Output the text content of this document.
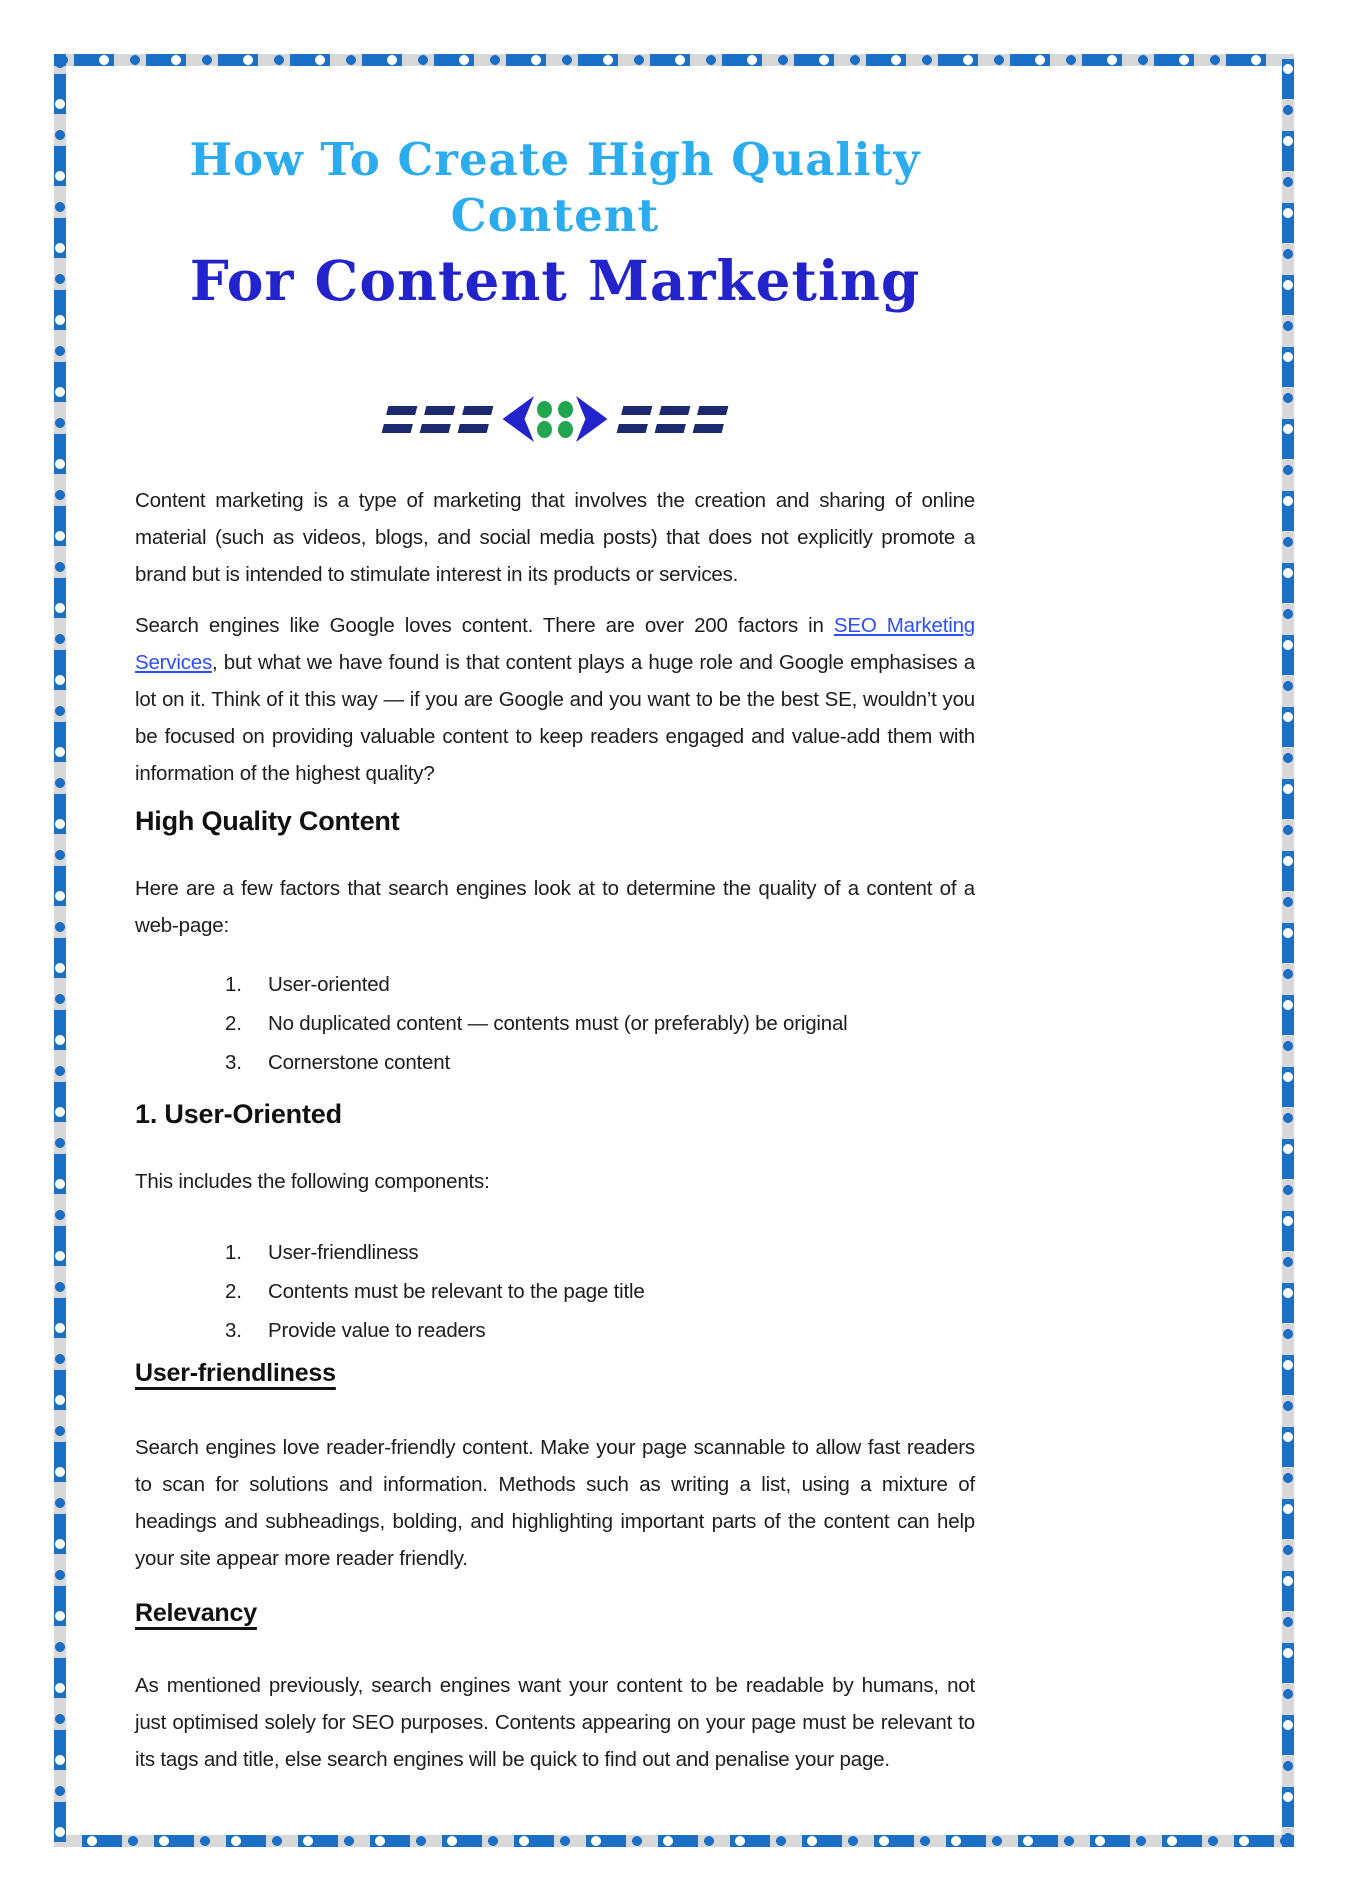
How To Create High Quality Content
For Content Marketing

Content marketing is a type of marketing that involves the creation and sharing of online material (such as videos, blogs, and social media posts) that does not explicitly promote a brand but is intended to stimulate interest in its products or services.

Search engines like Google loves content. There are over 200 factors in SEO Marketing Services, but what we have found is that content plays a huge role and Google emphasises a lot on it. Think of it this way — if you are Google and you want to be the best SE, wouldn’t you be focused on providing valuable content to keep readers engaged and value-add them with information of the highest quality?

High Quality Content

Here are a few factors that search engines look at to determine the quality of a content of a web-page:

1.	User-oriented
2.	No duplicated content — contents must (or preferably) be original
3.	Cornerstone content
1. User-Oriented

This includes the following components:

1.	User-friendliness
2.	Contents must be relevant to the page title
3.	Provide value to readers
User-friendliness

Search engines love reader-friendly content. Make your page scannable to allow fast readers to scan for solutions and information. Methods such as writing a list, using a mixture of headings and subheadings, bolding, and highlighting important parts of the content can help your site appear more reader friendly.

Relevancy

As mentioned previously, search engines want your content to be readable by humans, not just optimised solely for SEO purposes. Contents appearing on your page must be relevant to its tags and title, else search engines will be quick to find out and penalise your page.
